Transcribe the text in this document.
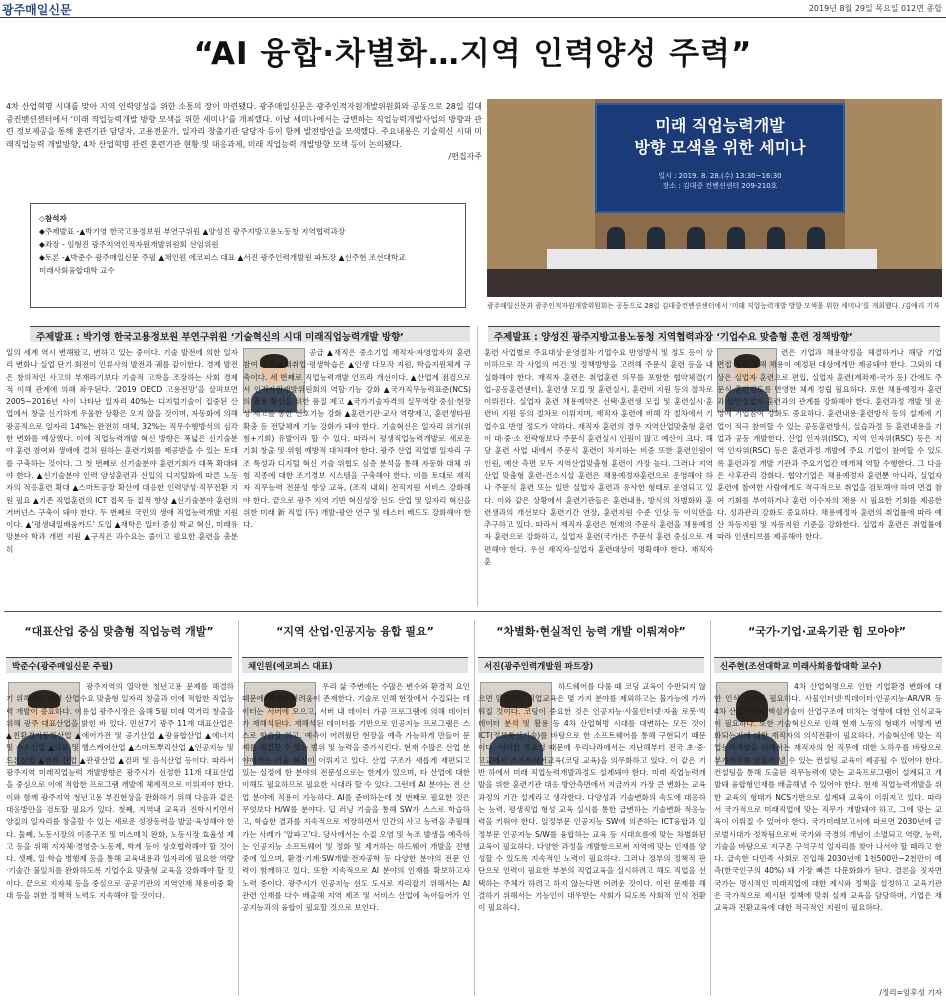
광주매일신문	2019년 8월 29일 목요일 012면 종합
“AI 융합·차별화…지역 인력양성 주력”
4차 산업혁명 시대를 맞아 지역 인력양성을 위한 소통의 장이 마련됐다. 광주매일신문은 광주인적자원개발위원회와 공동으로 28일 김대중컨벤션센터에서 ‘미래 직업능력개발 방향 모색을 위한 세미나’를 개최했다. 이날 세미나에서는 급변하는 직업능력개발사업의 방향과 관련 정보제공을 통해 훈련기관 담당자, 고용전문가, 일자리 창출기관 담당자 등이 함께 발전방안을 모색했다. 주요내용은 기술혁신 시대 미래직업능력 개발방향, 4차 산업혁명 관련 훈련기관 현황 및 대응과제, 미래 직업능력 개발방향 모색 등이 논의됐다.
/편집자주
◇참석자
◆주제발표 -▲박기영 한국고용정보원 부연구위원 ▲양성진 광주지방고용노동청 지역협력과장
◆좌장 - 임형진 광주지역인적자원개발위원회 선임위원
◆토론 -▲박준수 광주매일신문 주필 ▲채인원 에코피스 대표 ▲서진 광주인력개발원 파트장 ▲신주현 조선대학교
미래사회융합대학 교수
미래 직업능력개발
방향 모색을 위한 세미나
일시 : 2019. 8. 28.(수) 13:30~16:30
장소 : 김대중 컨벤션센터 209-210호
광주매일신문과 광주인적자원개발위원회는 공동으로 28일 김대중컨벤션센터에서 ‘미래 직업능력개발 방향 모색을 위한 세미나’를 개최했다. /김애리 기자
주제발표 : 박기영 한국고용정보원 부연구위원 ‘기술혁신의 시대 미래직업능력개발 방향’
일의 세계 역시 변해왔고, 변하고 있는 중이다. 기술 발전에 의한 일자리 변화나 실업 단기 회전이 인류사의 발전과 궤를 같이한다. 경제 발전은 창의적인 사고의 부재라기보다 기술적 고착을 조장하는 사회 경제적 이해 관계에 의해 좌우된다. ‘2019 OECD 고용전망’을 살펴보면 2005~2016년 사이 나타난 일자리 40%는 디지털기술이 집중된 산업에서 창출 신기하게 우울한 상황은 오지 않을 것이며, 자동화에 의해 광공적으로 일자리 14%는 완전히 대체, 32%는 직무수행방식의 심각한 변화를 예상했다. 이에 직업능력개발 혁신 방향은 폭넓은 신기술분야 훈련 참여와 생애에 걸쳐 원하는 훈련기회를 제공받을 수 있는 토대를 구축하는 것이다. 그 첫 번째로 신기술분야 훈련기회가 대폭 확대돼야 한다. ▲신기술분야 인력 양성훈련과 신입의 디지털화에 따른 노동자의 적응훈련 확대 ▲스마트공장 확산에 대응한 인력양성·직무전환 지원 필요 ▲기존 직업훈련의 ICT 접목 등 질적 향상 ▲신기술분야 훈련의 거버넌스 구축이 돼야 한다. 두 번째로 국민의 생애 직업능력개발 지원이다. ▲‘평생내일배움카드’ 도입 ▲재학은 일터 중심 학교 혁신, 미래유망분야 학과 개편 지원 ▲구직은 과수요는 줄이고 필요한 훈련을 충분히
공급 ▲재직은 중소기업 재직자·자영업자의 훈련참여 촉진 ▲재취업·평생학습은 ▲인생 다모작 지원, 학습지원체계 구축이다. 세 번째로 직업능력개발 인프라 개선이다. ▲산업계 점검으로서 인적자원개발위원회의 역할·기능 강화 ▲국가직무능력표준(NCS)의 활용 확산을 위한 품질 제고 ▲국가기술자격의 실무역량 중심·현장성 제고를 통한 신호기능 강화 ▲훈련기관·교사 역량제고, 훈련생타원 확충 등 전달체계 기능 강화가 돼야 한다. 기술혁신은 일자리 위기(위험+기회) 유발이라 할 수 있다. 따라서 평생직업능력개발로 새로운 기회 창출 및 위험 예방적 대처해야 한다. 광주 산업 직업별 일자리 구조 특성과 디지털 혁신 기술 위협도 심층 분석을 통해 자동화 대체 위험 직종에 대한 조기경보 시스템을 구축해야 한다. 이를 토대로 재직자 직무능력 전문성 향상 교육, (조직 내외) 전직지원 서비스 강화해야 한다. 끝으로 광주 지역 기반 혁신성장 선도 산업 및 일자리 혁신을 위한 미래 新 직업 (두) 개발-광안 연구 및 테스터 베드도 강화해야 한다.
주제발표 : 양성진 광주지방고용노동청 지역협력과장 ‘기업수요 맞춤형 훈련 정책방향’
훈련 사업별로 주요대상·운영절차·기업수요 반영방식 및 정도 등이 상이하므로 각 사업의 여건 및 정책방향을 고려해 주문식 훈련 등을 내실화해야 한다. 재직자 훈련은 취업훈련 의무를 포함한 협약체결(기업-공동훈련센터), 훈련생 모집 및 훈련실시, 훈련비 지원 등의 절차로 이뤄진다. 실업자 훈련 채용예약은 선택·훈련생 모집 및 훈련실시·훈련비 지원 등의 절차로 이뤄지며, 재직자 훈련에 비해 각 절차에서 기업수요 반영 정도가 약하다. 재직자 훈련의 경우 지역산업맞춤형 훈련이 대·중·소 전략형보다 주문식 훈련실시 인원이 많고 예산이 크다. 해당 훈련 사업 내에서 주문식 훈련이 차지하는 비중 또한 훈련인원이 인원, 예산 측면 모두 지역산업맞춤형 훈련이 가장 높다. 그러나 지역산업 맞춤형 훈련-건소시설 훈련은 채용예정자훈련으로 운영해야 하나 주문식 훈련 또는 일반 실업자 훈련과 유사한 형태로 운영되고 있다. 이와 같은 상황에서 훈련기관들은 훈련내용, 방식의 차별화와 훈련생과의 개선보다 훈련기간 연장, 훈련지원 수준 인상 등 이익만을 추구하고 있다. 따라서 재직자 훈련은 현재의 주문식 훈련을 채용예정자 훈련으로 강화하고, 실업자 훈련(국가)은 주문식 훈련 중심으로 재편해야 한다. 우선 재직자·실업자 훈련대상이 명확해야 한다. 재직자 훈
련은 기업과 채용약정을 체결하거나 해당 기업 면접 등과 통해 채용이 예정된 대상에게만 제공돼야 한다. 그외의 대상은 실업자 훈련으로 편입, 실업자 훈련(계좌제-국가 등) 간에도 주문식 훈련정도를 반영한 체계 정립 필요하다. 또한 채용예정자 훈련과 일반실업자 훈련과의 관계를 강화해야 한다. 훈련과정 개발 및 운영에 기업참여 강화도 중요하다. 훈련내용·훈련방식 등의 설계에 기업이 적극 참여할 수 있는 공동훈련방식, 실습과정 등 훈련내용을 기업과 공동 개발한다. 산업 인자위(ISC), 지역 인자위(RSC) 등은 지역 인자위(RSC) 등은 훈련과정 개발에 주요 기업이 참여할 수 있도록 훈련과정 개발 기관과 주요기업간 매개체 역할 수행한다. 그 다음은 사후관리 강화다. 협약기업은 채용예정자 훈련뿐 아니라, 실업자 훈련에 참여한 사람에게도 적극적으로 취업을 검토해야 하며 면접 참여 기회를 부여하거나 훈련 이수자의 채용 시 필요한 기회를 제공한다. 성과관리 강화도 중요하다. 채용예정자 훈련의 취업률에 따라 예산 차등지원 및 자동지원 기준을 강화한다. 실업자 훈련은 취업률에 따라 인센티브를 제공해야 한다.
“대표산업 중심 맞춤형 직업능력 개발”	“지역 산업·인공지능 융합 필요”	“차별화·현실적인 능력 개발 이뤄져야”	“국가·기업·교육기관 힘 모아야”
박준수(광주매일신문 주필)	채인원(에코피스 대표)	서진(광주인력개발원 파트장)	신주현(조선대학교 미래사회융합대학 교수)
광주지역의 열악한 청년고용 문제를 해결하기 위해서는 지역 산업수요 맞춤형 일자리 창출과 이에 적합한 직업능력 개발이 중요하다. 이용섭 광주시장은 올해 5월 미래 먹거리 창출을 위해 광주 대표산업을 밝힌 바 있다. 민선7기 광주 11개 대표산업은 ▲친환경자동차산업 ▲에어가전 및 공기산업 ▲광융합산업 ▲에너지 및 수소산업 ▲의료 및 헬스케어산업 ▲스마트뿌리산업 ▲인공지능 및 드론산업 ▲뷰티 산업 ▲관광산업 ▲검퍼 및 음식산업 등이다. 따라서 광주지역 미래직업능력 개발방향은 광주시가 선정한 11개 대표산업을 중심으로 이에 적합한 프로그램 개발에 체계적으로 이뤄져야 한다. 이와 함께 광주지역 청년고용 부진현상을 완화하기 위해 다음과 같은 대응방안을 검토할 필요가 있다. 첫째, 지역내 교육과 진학시키면서 양질의 일자리를 창출할 수 있는 새로운 성장동력을 발굴·육성해야 한다. 둘째, 노동시장의 이중구조 및 미스매치 완화, 노동시장 효율성 제고 등을 위해 지자체·경영층·노동계, 학계 등이 상호협력해야 할 것이다. 셋째, 일·학습 병행제 등을 통해 교육내용과 일자리에 필요한 역량·기술간 불일치를 완화하도록 기업수요 맞춤형 교육을 강화해야 할 것이다. 끝으로 지자체 등을 중심으로 공공기관의 지역인재 채용비중 확대 등을 위한 정책적 노력도 지속해야 할 것이다.
우리 삶 주변에는 수많은 변수와 환경적 요인 때문에 예측의 어려움이 존재한다. 기술로 인해 현장에서 수집되는 데이터는 서버에 모으고, 서버 내 데이터 가공 프로그램에 의해 데이터가 재해석된다. 재해석된 데이터를 기반으로 인공지능 프로그램은 스스로 학습을 하고, 예측이 어려웠던 현장을 예측 가능하게 만들어 문제를 해결할 수 있는 범위 및 능력을 증가시킨다. 현재 수많은 산업 분야에서는 기술 혁신이 이뤄지고 있다. 산업 구조가 새롭게 재편되고 있는 실정에 한 분야의 전문성으로는 한계가 있으며, 타 산업에 대한 이해도 필요하므로 필요한 시대라 할 수 있다. 그런데 AI 분야는 전 산업 분야에 적용이 가능하다. AI를 준비하는데 첫 번째로 필요한 것은 무엇보다 H/W를 분야다. 딥 러닝 기술을 통해 SW가 스스로 학습하고, 학습한 결과를 지속적으로 저장하면서 인간의 사고 능력을 추월해가는 사례가 ‘알파고’다. 당사에서는 수질 오염 및 녹조 발생을 예측하는 인공지능 소프트웨어 및 정화 및 제거하는 하드웨어 개발을 진행 중에 있으며, 환경·기계·SW개발·전자공학 등 다양한 분야의 전문 인력이 함께하고 있다. 또한 지속적으로 AI 분야의 인재를 확보하고자 노력 중이다. 광주시가 인공지능 선도 도시로 자리잡기 위해서는 AI 관련 인재를 다수 배출해 지역 제조 및 서비스 산업에 녹아들어가 인공지능과의 융합이 필요할 것으로 보인다.
하드웨어를 다룰 때 코딩 교육이 수반되지 않으면 앞으로의 직업교육은 몇 가지 분야를 제외하고는 불가능에 가까워질 것이다. 코딩이 중요한 것은 인공지능·사물인터넷·자율 로봇·빅 데이터 분석 및 활용 등 4차 산업혁명 시대를 대변하는 모든 것이 ICT(정보통신기술)를 바탕으로 한 소프트웨어를 통해 구현되기 때문이다. 이러한 중요성 때문에 우리나라에서는 지난해부터 전국 초·중·고교에서 소프트웨어교육(코딩 교육)을 의무화하고 있다. 이 같은 기반 하에서 미래 직업능력개발과정도 설계돼야 한다. 미래 직업능력개발을 위한 훈련기관 대응 방안측면에서 지금까지 가장 큰 변화는 교육과정의 기간 설계라고 생각한다. 다양성과 기술변화의 속도에 대응하는 능력, 평생직업 형성 교육 실시를 통한 급변하는 기술변화 적응능력을 키워야 한다. 일정부문 인공지능 SW에 의존하는 ICT융합과 일정부문 인공지능 S/W를 융합하는 교육 등 시대흐름에 맞는 차별화된 교육이 필요하다. 다양한 과정을 개발함으로써 지역에 맞는 인재를 양성할 수 있도록 지속적인 노력이 필요하다. 그러나 정부의 정책적 판단으로 인력이 필요한 부분의 직업교육을 실시하려고 해도 직업을 선택하는 주체가 하려고 하지 않는다면 어려운 것이다. 이런 문제를 해결하기 위해서는 기능인이 대우받는 사회가 되도록 사회적 인식 전환이 필요하다.
4차 산업혁명으로 인한 기업환경 변화에 대한 인식 교육이 필요하다. 사물인터넷·빅데이터·인공지능·AR/VR 등 4차 산업혁명의 핵심기술이 산업구조에 미치는 영향에 대한 인식교육이 필요하다. 또한 기술혁신으로 인해 현재 노동의 형태가 어떻게 변화되는지에 대한 재직자의 의식전환이 필요하다. 기술혁신에 맞는 직업능력개발을 위해서는 재직자의 현 직무에 대한 노하우를 바탕으로 부가가치를 만들어 낼 수 있는 컨설팅 교육이 제공될 수 있어야 한다. 컨설팅을 통해 도출된 직무능력에 맞는 교육프로그램이 설계되고 개발돼 융합형인재를 배출해낼 수 있어야 한다. 현재 직업능력개발을 위한 교육의 형태가 NCS기반으로 설계돼 교육이 이뤄지고 있다. 따라서 국가적으로 미래직업에 맞는 직무가 개발돼야 하고, 그에 맞는 교육이 이뤄질 수 있어야 한다. 국가미래보고서에 따르면 2030년에 글로벌시대가 정착됨으로써 국가와 국경의 개념이 소멸되고 역량, 능력, 기술을 바탕으로 지구촌 구석구석 일자리를 찾아 나서야 할 때라고 한다. 급속한 다민족 사회로 진입해 2030년에 1천500만~2천만이 예측(한국인구의 40%) 돼 가장 빠른 다문화화가 된다. 결론을 짓자면 국가는 명시적인 미래직업에 대한 제시와 정책을 설정하고 교육기관은 국가적으로 제시된 정책에 맞춰 실제 교육을 담당하며, 기업은 재교육과 전환교육에 대한 적극적인 지원이 필요하다.
/정리=임후성 기자
